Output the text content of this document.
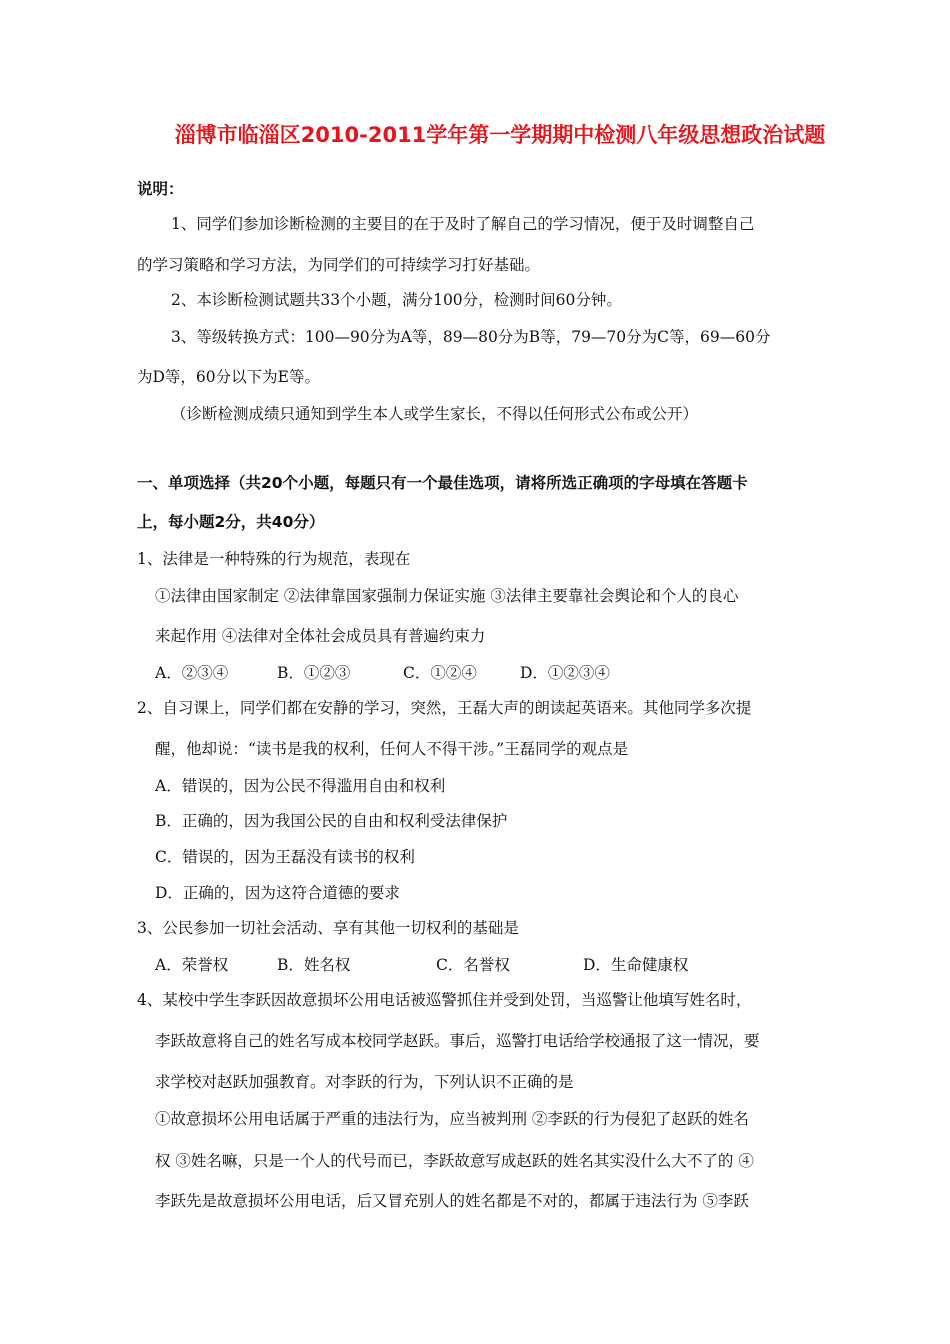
淄博市临淄区2010-2011学年第一学期期中检测八年级思想政治试题
说明：
1、同学们参加诊断检测的主要目的在于及时了解自己的学习情况，便于及时调整自己
的学习策略和学习方法，为同学们的可持续学习打好基础。
2、本诊断检测试题共33个小题，满分100分，检测时间60分钟。
3、等级转换方式：100—90分为A等，89—80分为B等，79—70分为C等，69—60分
为D等，60分以下为E等。
（诊断检测成绩只通知到学生本人或学生家长，不得以任何形式公布或公开）
一、单项选择（共20个小题，每题只有一个最佳选项，请将所选正确项的字母填在答题卡
上，每小题2分，共40分）
1、法律是一种特殊的行为规范，表现在
①法律由国家制定 ②法律靠国家强制力保证实施 ③法律主要靠社会舆论和个人的良心
来起作用 ④法律对全体社会成员具有普遍约束力
A．②③④	B．①②③	C．①②④	D．①②③④
2、自习课上，同学们都在安静的学习，突然，王磊大声的朗读起英语来。其他同学多次提
醒，他却说：“读书是我的权利，任何人不得干涉。”王磊同学的观点是
A．错误的，因为公民不得滥用自由和权利
B．正确的，因为我国公民的自由和权利受法律保护
C．错误的，因为王磊没有读书的权利
D．正确的，因为这符合道德的要求
3、公民参加一切社会活动、享有其他一切权利的基础是
A．荣誉权	B．姓名权	C．名誉权	D．生命健康权
4、某校中学生李跃因故意损坏公用电话被巡警抓住并受到处罚，当巡警让他填写姓名时，
李跃故意将自己的姓名写成本校同学赵跃。事后，巡警打电话给学校通报了这一情况，要
求学校对赵跃加强教育。对李跃的行为，下列认识不正确的是
①故意损坏公用电话属于严重的违法行为，应当被判刑 ②李跃的行为侵犯了赵跃的姓名
权 ③姓名嘛，只是一个人的代号而已，李跃故意写成赵跃的姓名其实没什么大不了的 ④
李跃先是故意损坏公用电话，后又冒充别人的姓名都是不对的，都属于违法行为 ⑤李跃
